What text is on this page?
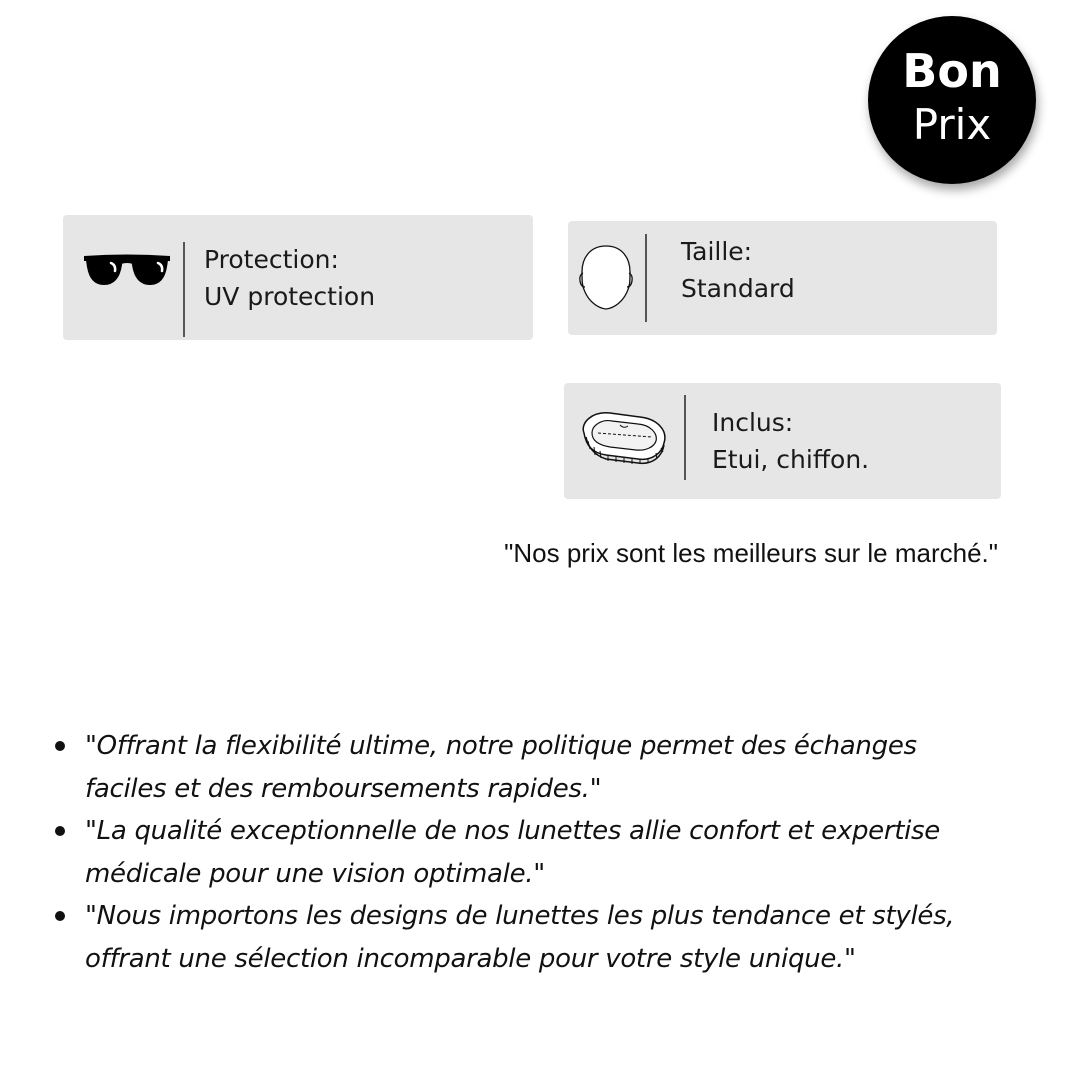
Bon
Prix
Protection:
UV protection
Taille:
Standard
Inclus:
Etui, chiffon.
"Nos prix sont les meilleurs sur le marché."
"Offrant la flexibilité ultime, notre politique permet des échanges
faciles et des remboursements rapides."
"La qualité exceptionnelle de nos lunettes allie confort et expertise
médicale pour une vision optimale."
"Nous importons les designs de lunettes les plus tendance et stylés,
offrant une sélection incomparable pour votre style unique."
